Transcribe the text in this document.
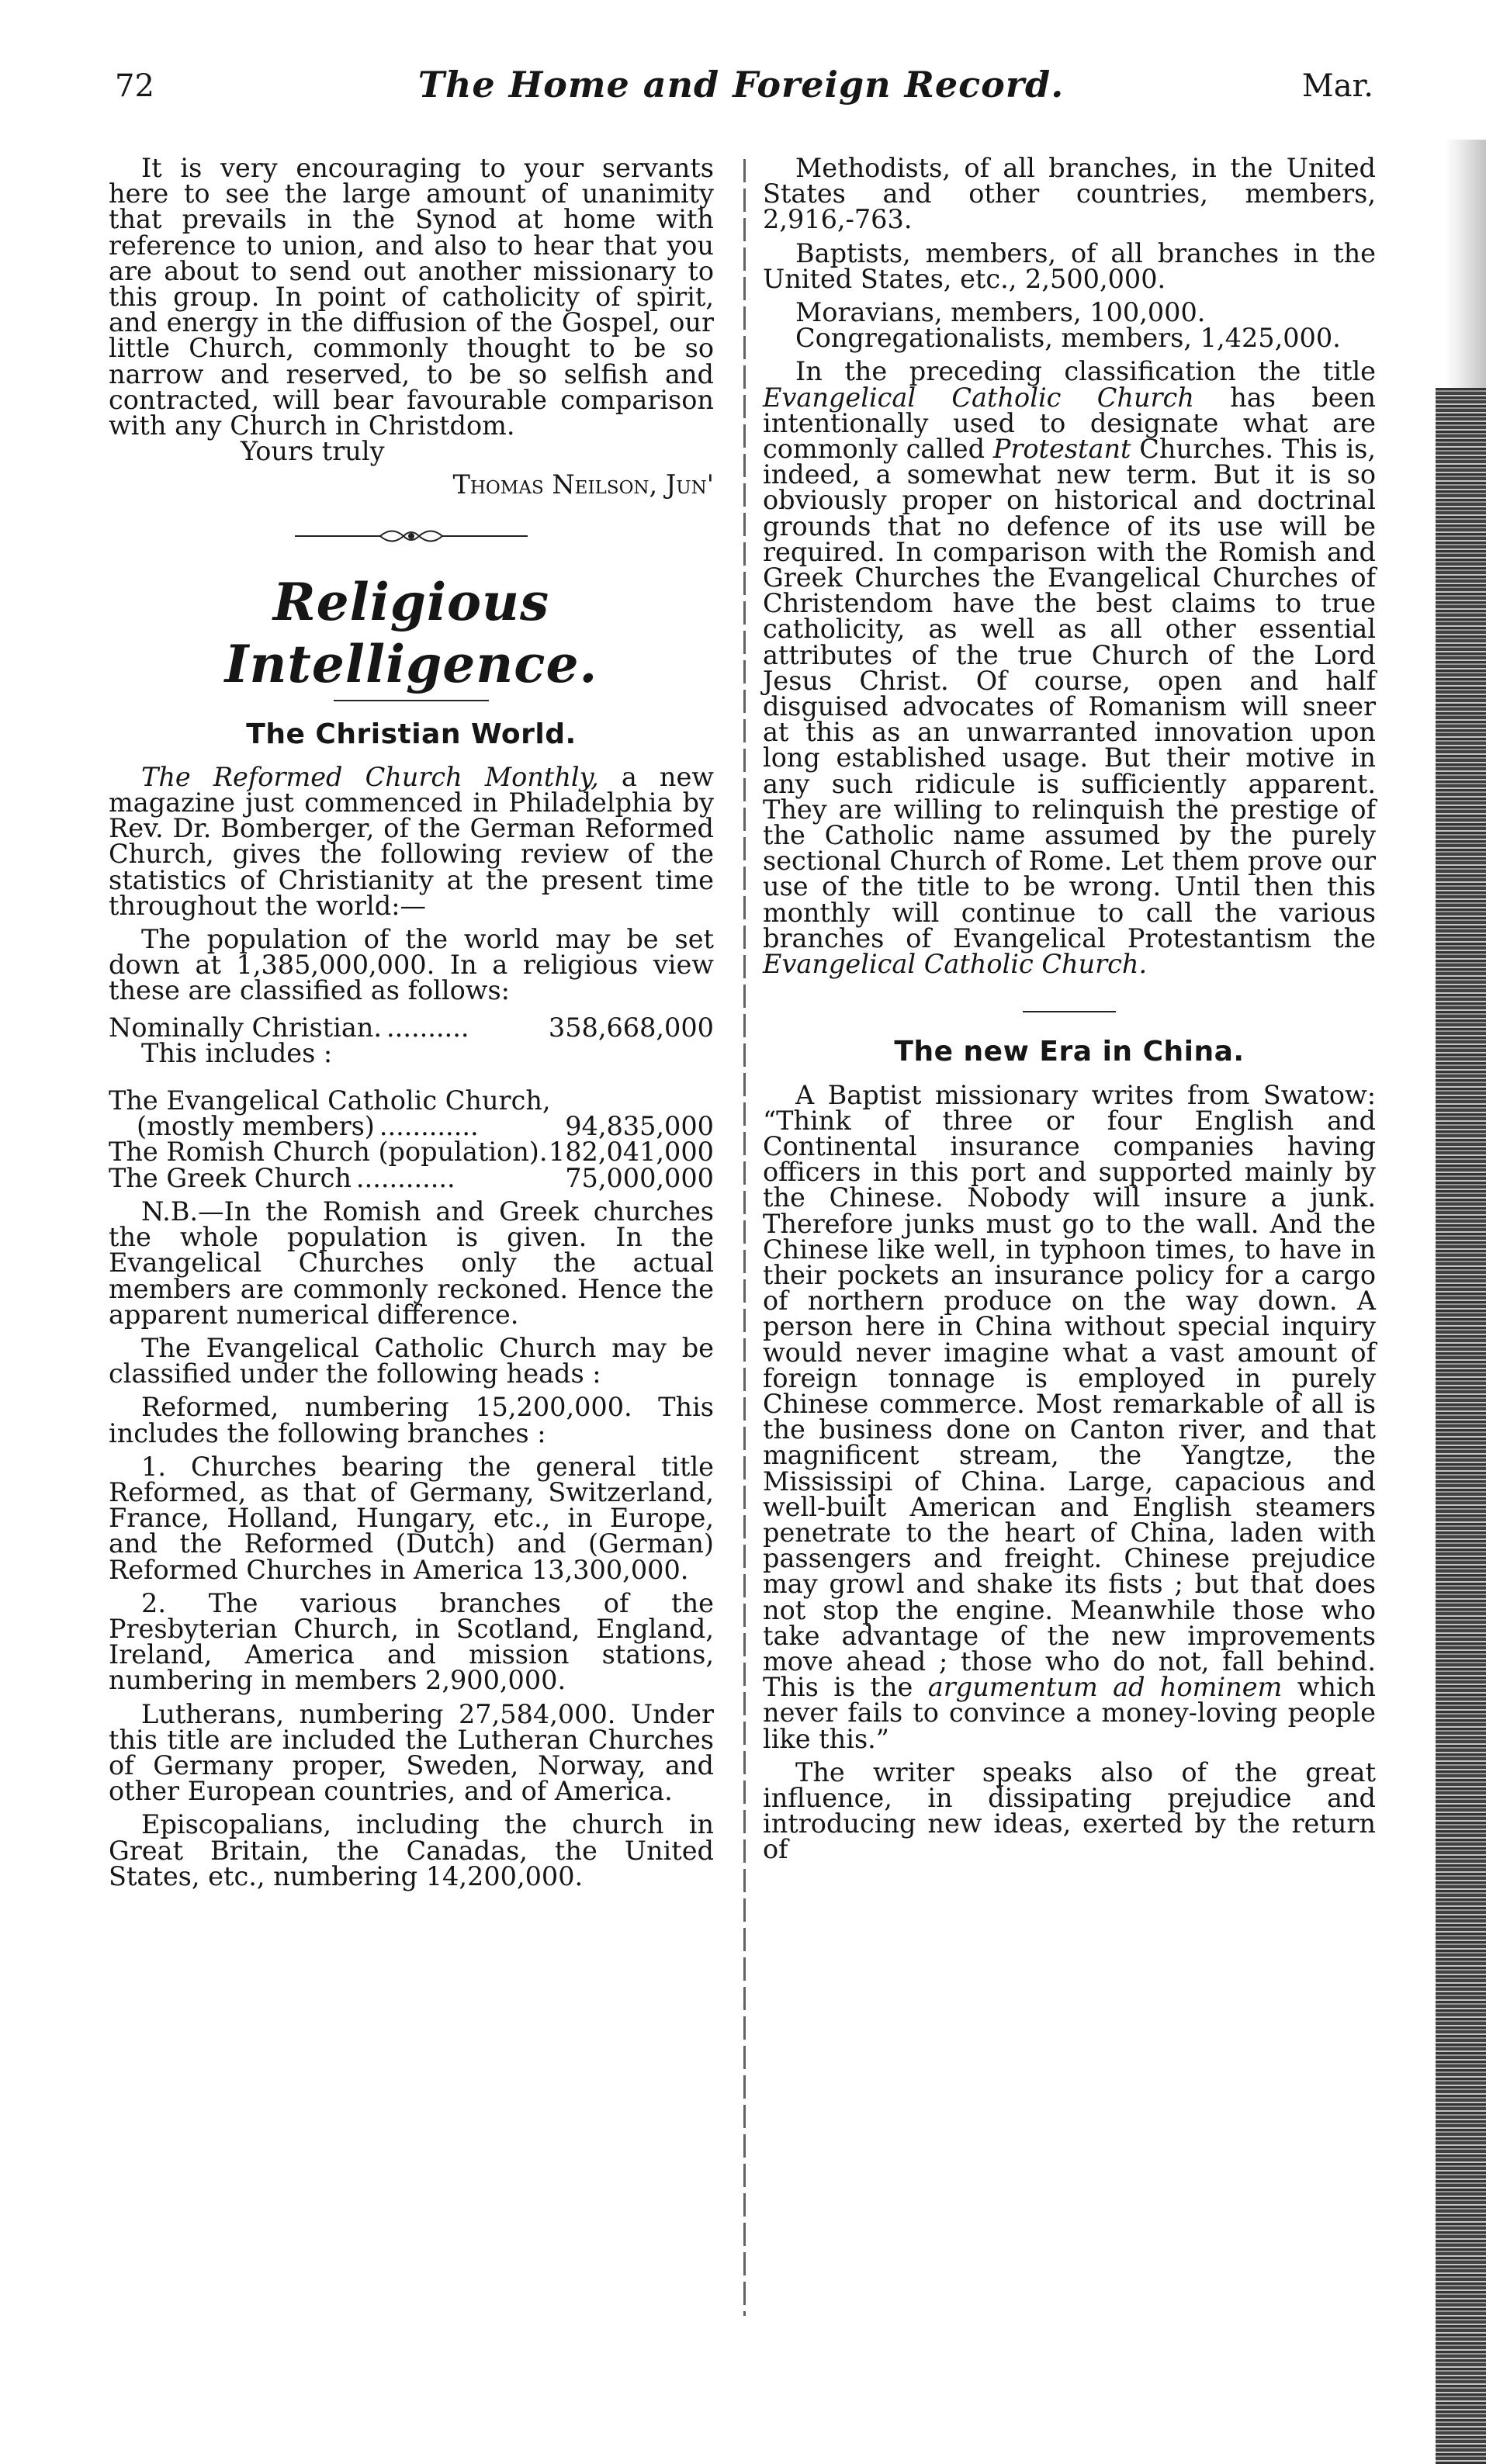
72	The Home and Foreign Record.	Mar.

It is very encouraging to your servants here to see the large amount of unanimity that prevails in the Synod at home with reference to union, and also to hear that you are about to send out another missionary to this group. In point of catholicity of spirit, and energy in the diffusion of the Gospel, our little Church, commonly thought to be so narrow and reserved, to be so selfish and contracted, will bear favourable comparison with any Church in Christdom.

Yours truly

Thomas Neilson, Jun'

Religious Intelligence.
The Christian World.

The Reformed Church Monthly, a new magazine just commenced in Philadelphia by Rev. Dr. Bomberger, of the German Reformed Church, gives the following review of the statistics of Christianity at the present time throughout the world:—

The population of the world may be set down at 1,385,000,000. In a religious view these are classified as follows:

Nominally Christian. ..........	358,668,000
This includes :
The Evangelical Catholic Church,
(mostly members) ............	94,835,000
The Romish Church (population). 182,041,000
The Greek Church ............	75,000,000

N.B.—In the Romish and Greek churches the whole population is given. In the Evangelical Churches only the actual members are commonly reckoned. Hence the apparent numerical difference.

The Evangelical Catholic Church may be classified under the following heads :

Reformed, numbering 15,200,000. This includes the following branches :

1. Churches bearing the general title Reformed, as that of Germany, Switzerland, France, Holland, Hungary, etc., in Europe, and the Reformed (Dutch) and (German) Reformed Churches in America 13,300,000.

2. The various branches of the Presbyterian Church, in Scotland, England, Ireland, America and mission stations, numbering in members 2,900,000.

Lutherans, numbering 27,584,000. Under this title are included the Lutheran Churches of Germany proper, Sweden, Norway, and other European countries, and of America.

Episcopalians, including the church in Great Britain, the Canadas, the United States, etc., numbering 14,200,000.

Methodists, of all branches, in the United States and other countries, members, 2,916,-763.

Baptists, members, of all branches in the United States, etc., 2,500,000.

Moravians, members, 100,000.

Congregationalists, members, 1,425,000.

In the preceding classification the title Evangelical Catholic Church has been intentionally used to designate what are commonly called Protestant Churches. This is, indeed, a somewhat new term. But it is so obviously proper on historical and doctrinal grounds that no defence of its use will be required. In comparison with the Romish and Greek Churches the Evangelical Churches of Christendom have the best claims to true catholicity, as well as all other essential attributes of the true Church of the Lord Jesus Christ. Of course, open and half disguised advocates of Romanism will sneer at this as an unwarranted innovation upon long established usage. But their motive in any such ridicule is sufficiently apparent. They are willing to relinquish the prestige of the Catholic name assumed by the purely sectional Church of Rome. Let them prove our use of the title to be wrong. Until then this monthly will continue to call the various branches of Evangelical Protestantism the Evangelical Catholic Church.

The new Era in China.

A Baptist missionary writes from Swatow: “Think of three or four English and Continental insurance companies having officers in this port and supported mainly by the Chinese. Nobody will insure a junk. Therefore junks must go to the wall. And the Chinese like well, in typhoon times, to have in their pockets an insurance policy for a cargo of northern produce on the way down. A person here in China without special inquiry would never imagine what a vast amount of foreign tonnage is employed in purely Chinese commerce. Most remarkable of all is the business done on Canton river, and that magnificent stream, the Yangtze, the Mississipi of China. Large, capacious and well-built American and English steamers penetrate to the heart of China, laden with passengers and freight. Chinese prejudice may growl and shake its fists ; but that does not stop the engine. Meanwhile those who take advantage of the new improvements move ahead ; those who do not, fall behind. This is the argumentum ad hominem which never fails to convince a money-loving people like this.”

The writer speaks also of the great influence, in dissipating prejudice and introducing new ideas, exerted by the return of
